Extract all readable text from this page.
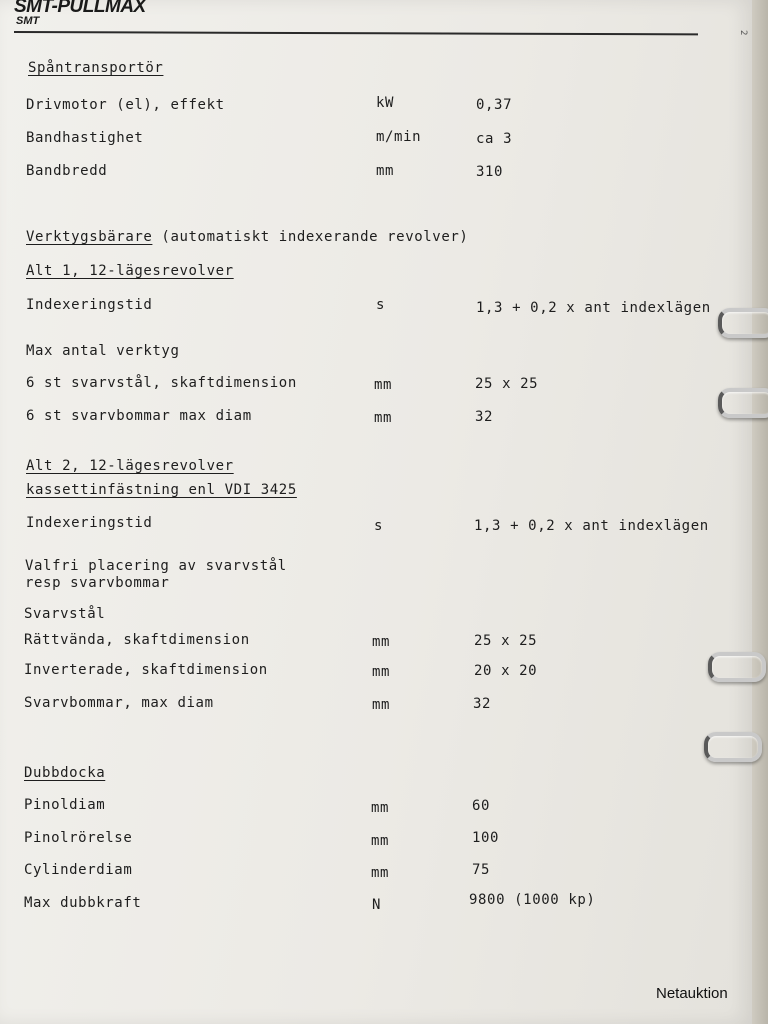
SMT-PULLMAX
SMT
2
Spåntransportör
Drivmotor (el), effekt	kW	0,37
Bandhastighet	m/min	ca 3
Bandbredd	mm	310
Verktygsbärare (automatiskt indexerande revolver)
Alt 1, 12-lägesrevolver
Indexeringstid	s	1,3 + 0,2 x ant indexlägen
Max antal verktyg
6 st svarvstål, skaftdimension	mm	25 x 25
6 st svarvbommar max diam	mm	32
Alt 2, 12-lägesrevolver
kassettinfästning enl VDI 3425
Indexeringstid	s	1,3 + 0,2 x ant indexlägen
Valfri placering av svarvstål
resp svarvbommar
Svarvstål
Rättvända, skaftdimension	mm	25 x 25
Inverterade, skaftdimension	mm	20 x 20
Svarvbommar, max diam	mm	32
Dubbdocka
Pinoldiam	mm	60
Pinolrörelse	mm	100
Cylinderdiam	mm	75
Max dubbkraft	N	9800 (1000 kp)
Netauktion
